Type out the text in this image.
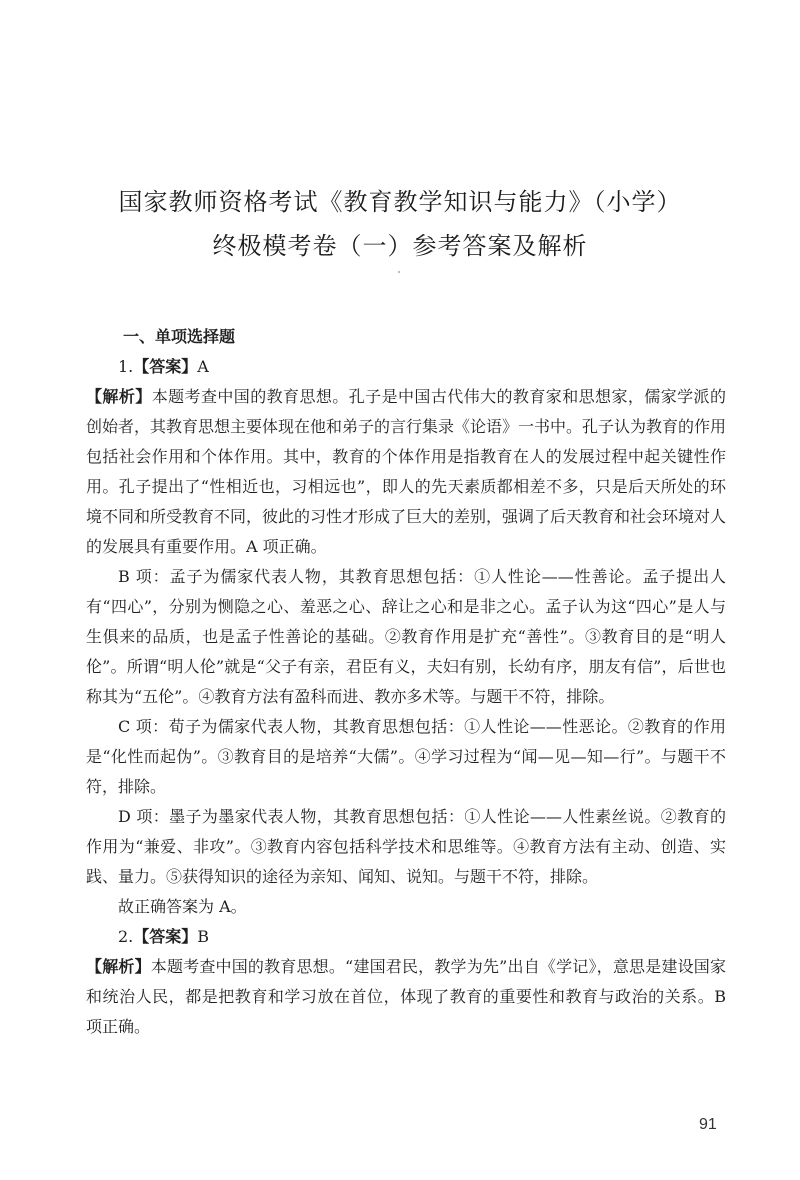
国家教师资格考试《教育教学知识与能力》（小学）
终极模考卷（一）参考答案及解析
一、单项选择题

1.【答案】A

【解析】本题考查中国的教育思想。孔子是中国古代伟大的教育家和思想家，儒家学派的创始者，其教育思想主要体现在他和弟子的言行集录《论语》一书中。孔子认为教育的作用包括社会作用和个体作用。其中，教育的个体作用是指教育在人的发展过程中起关键性作用。孔子提出了“性相近也，习相远也”，即人的先天素质都相差不多，只是后天所处的环境不同和所受教育不同，彼此的习性才形成了巨大的差别，强调了后天教育和社会环境对人的发展具有重要作用。A 项正确。

B 项：孟子为儒家代表人物，其教育思想包括：①人性论——性善论。孟子提出人有“四心”，分别为恻隐之心、羞恶之心、辞让之心和是非之心。孟子认为这“四心”是人与生俱来的品质，也是孟子性善论的基础。②教育作用是扩充“善性”。③教育目的是“明人伦”。所谓“明人伦”就是“父子有亲，君臣有义，夫妇有别，长幼有序，朋友有信”，后世也称其为“五伦”。④教育方法有盈科而进、教亦多术等。与题干不符，排除。

C 项：荀子为儒家代表人物，其教育思想包括：①人性论——性恶论。②教育的作用是“化性而起伪”。③教育目的是培养“大儒”。④学习过程为“闻—见—知—行”。与题干不符，排除。

D 项：墨子为墨家代表人物，其教育思想包括：①人性论——人性素丝说。②教育的作用为“兼爱、非攻”。③教育内容包括科学技术和思维等。④教育方法有主动、创造、实践、量力。⑤获得知识的途径为亲知、闻知、说知。与题干不符，排除。

故正确答案为 A。

2.【答案】B

【解析】本题考查中国的教育思想。“建国君民，教学为先”出自《学记》，意思是建设国家和统治人民，都是把教育和学习放在首位，体现了教育的重要性和教育与政治的关系。B 项正确。

91
